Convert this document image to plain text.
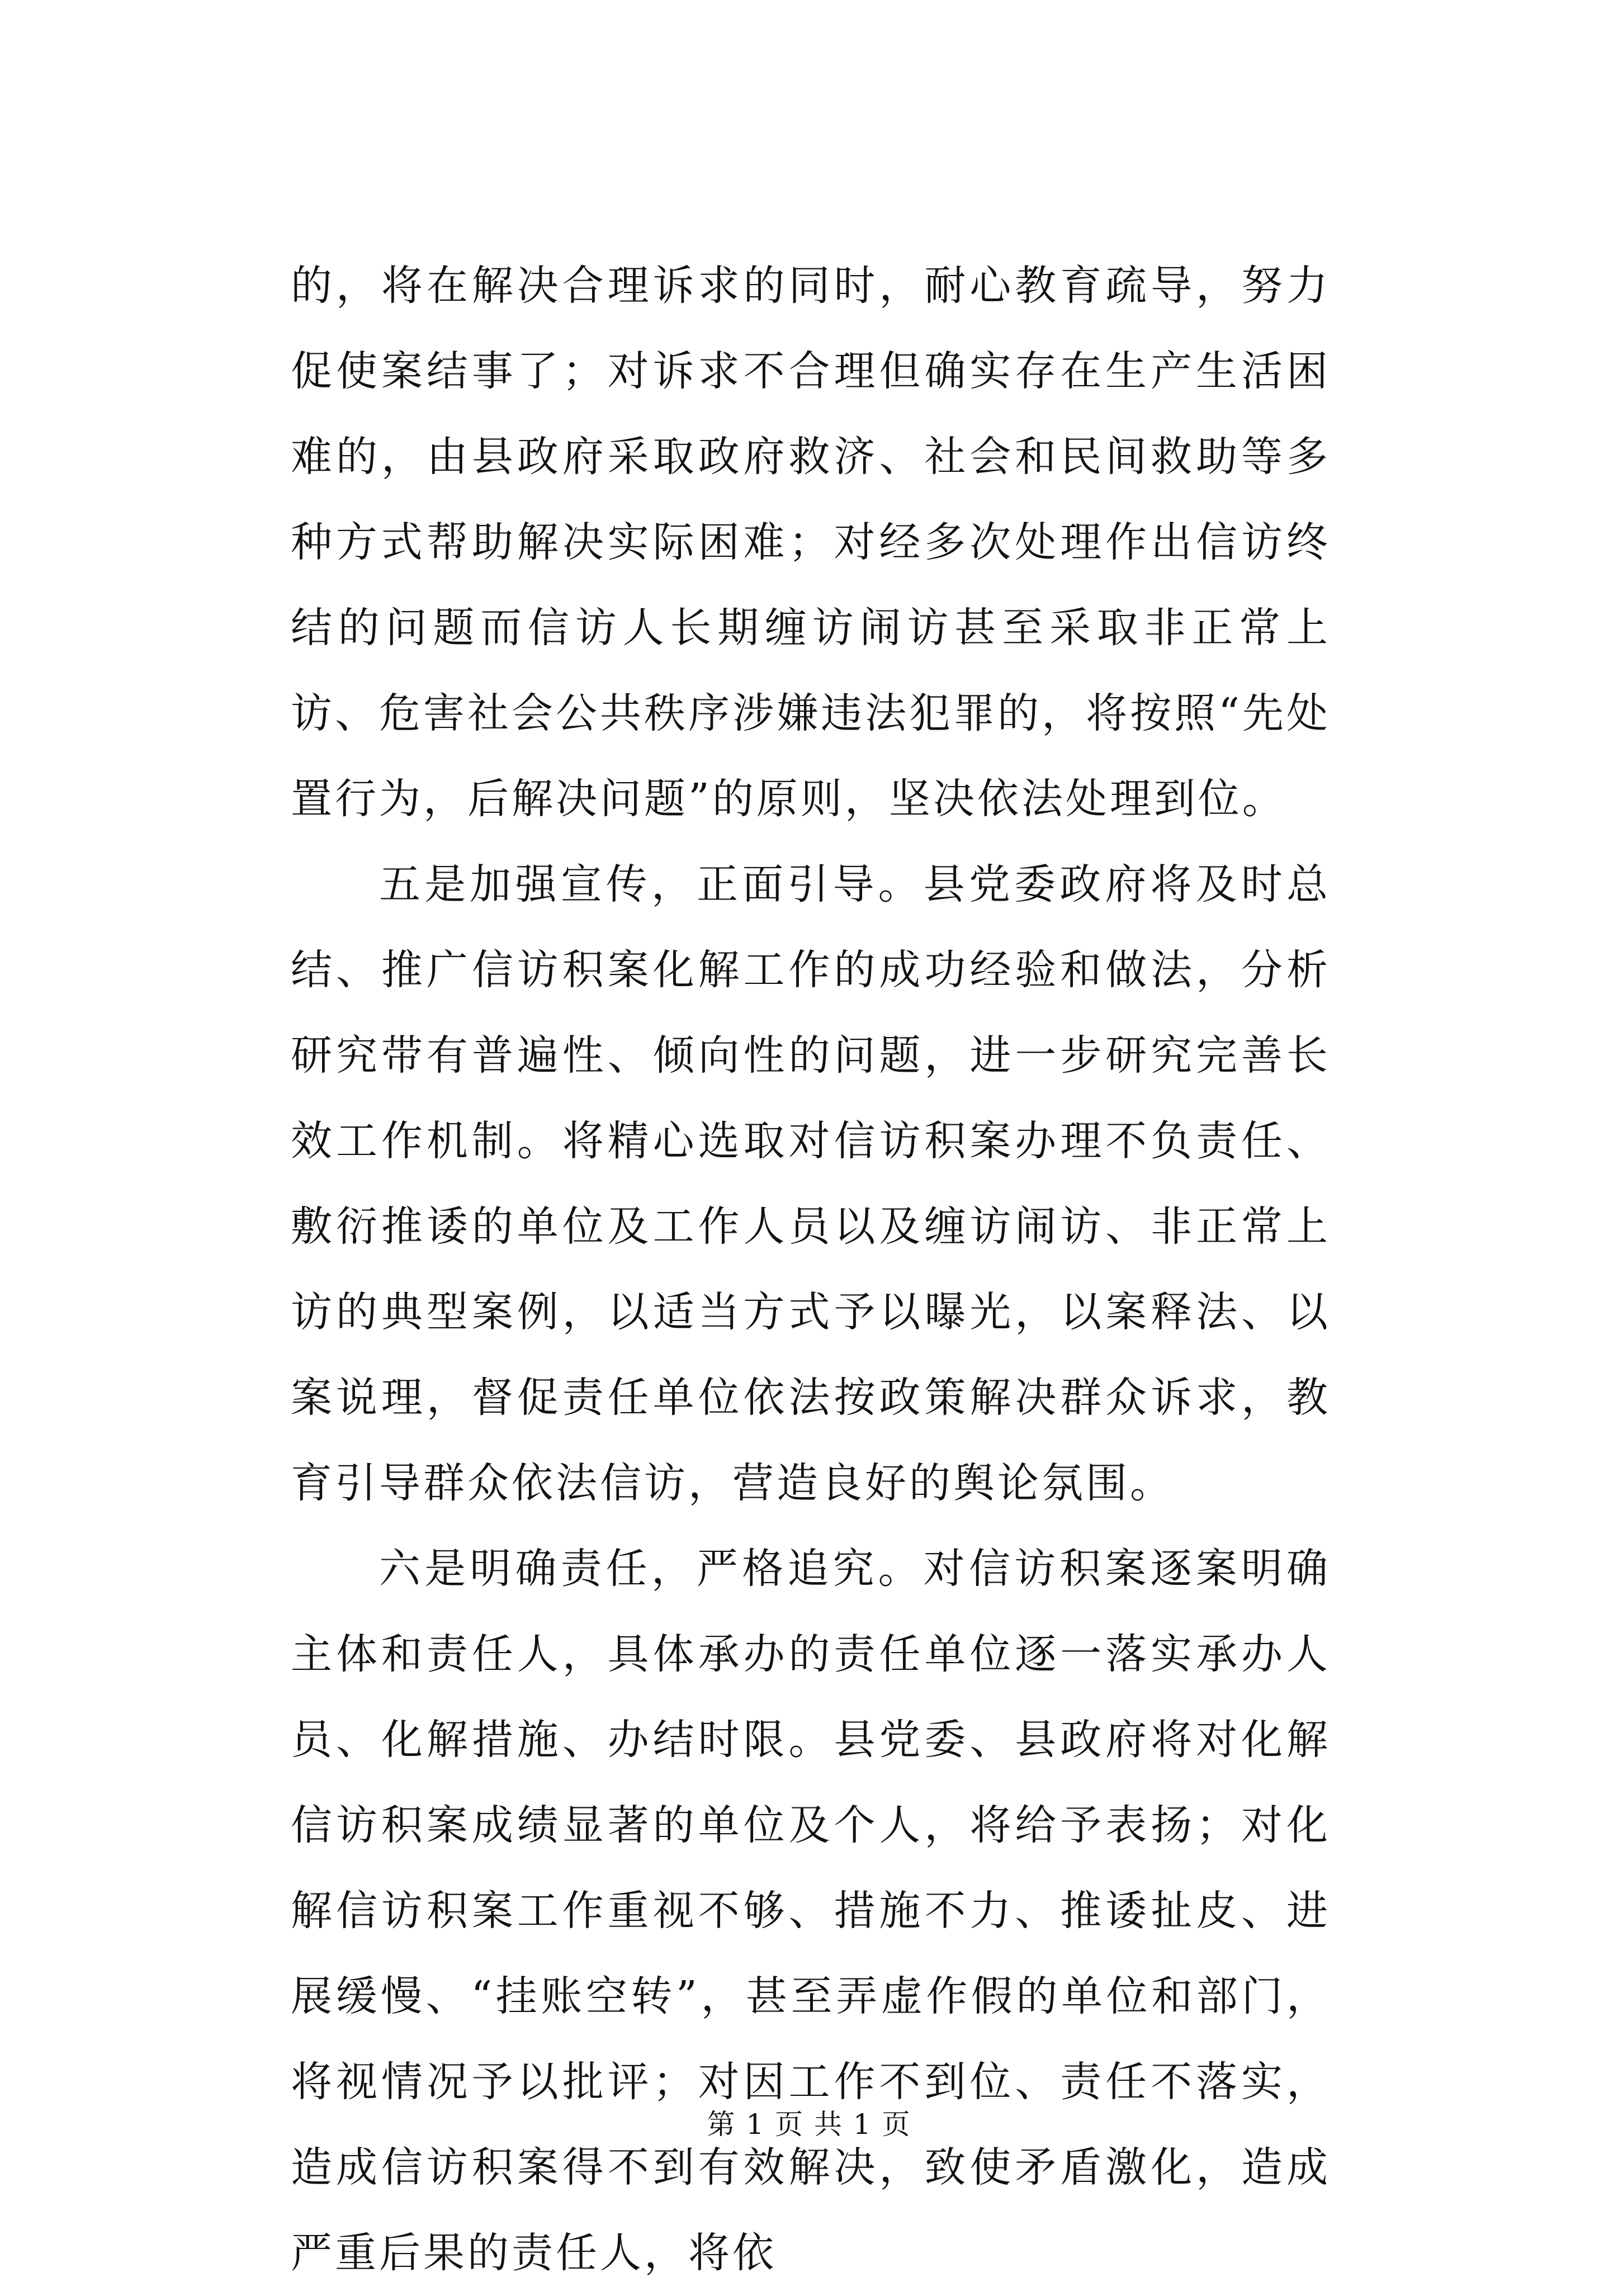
的，将在解决合理诉求的同时，耐心教育疏导，努力促使案结事了；对诉求不合理但确实存在生产生活困难的，由县政府采取政府救济、社会和民间救助等多种方式帮助解决实际困难；对经多次处理作出信访终结的问题而信访人长期缠访闹访甚至采取非正常上访、危害社会公共秩序涉嫌违法犯罪的，将按照“先处置行为，后解决问题”的原则，坚决依法处理到位。

五是加强宣传，正面引导。县党委政府将及时总结、推广信访积案化解工作的成功经验和做法，分析研究带有普遍性、倾向性的问题，进一步研究完善长效工作机制。将精心选取对信访积案办理不负责任、敷衍推诿的单位及工作人员以及缠访闹访、非正常上访的典型案例，以适当方式予以曝光，以案释法、以案说理，督促责任单位依法按政策解决群众诉求，教育引导群众依法信访，营造良好的舆论氛围。

六是明确责任，严格追究。对信访积案逐案明确主体和责任人，具体承办的责任单位逐一落实承办人员、化解措施、办结时限。县党委、县政府将对化解信访积案成绩显著的单位及个人，将给予表扬；对化解信访积案工作重视不够、措施不力、推诿扯皮、进展缓慢、“挂账空转”，甚至弄虚作假的单位和部门，将视情况予以批评；对因工作不到位、责任不落实，造成信访积案得不到有效解决，致使矛盾激化，造成严重后果的责任人，将依

第 1 页 共 1 页
